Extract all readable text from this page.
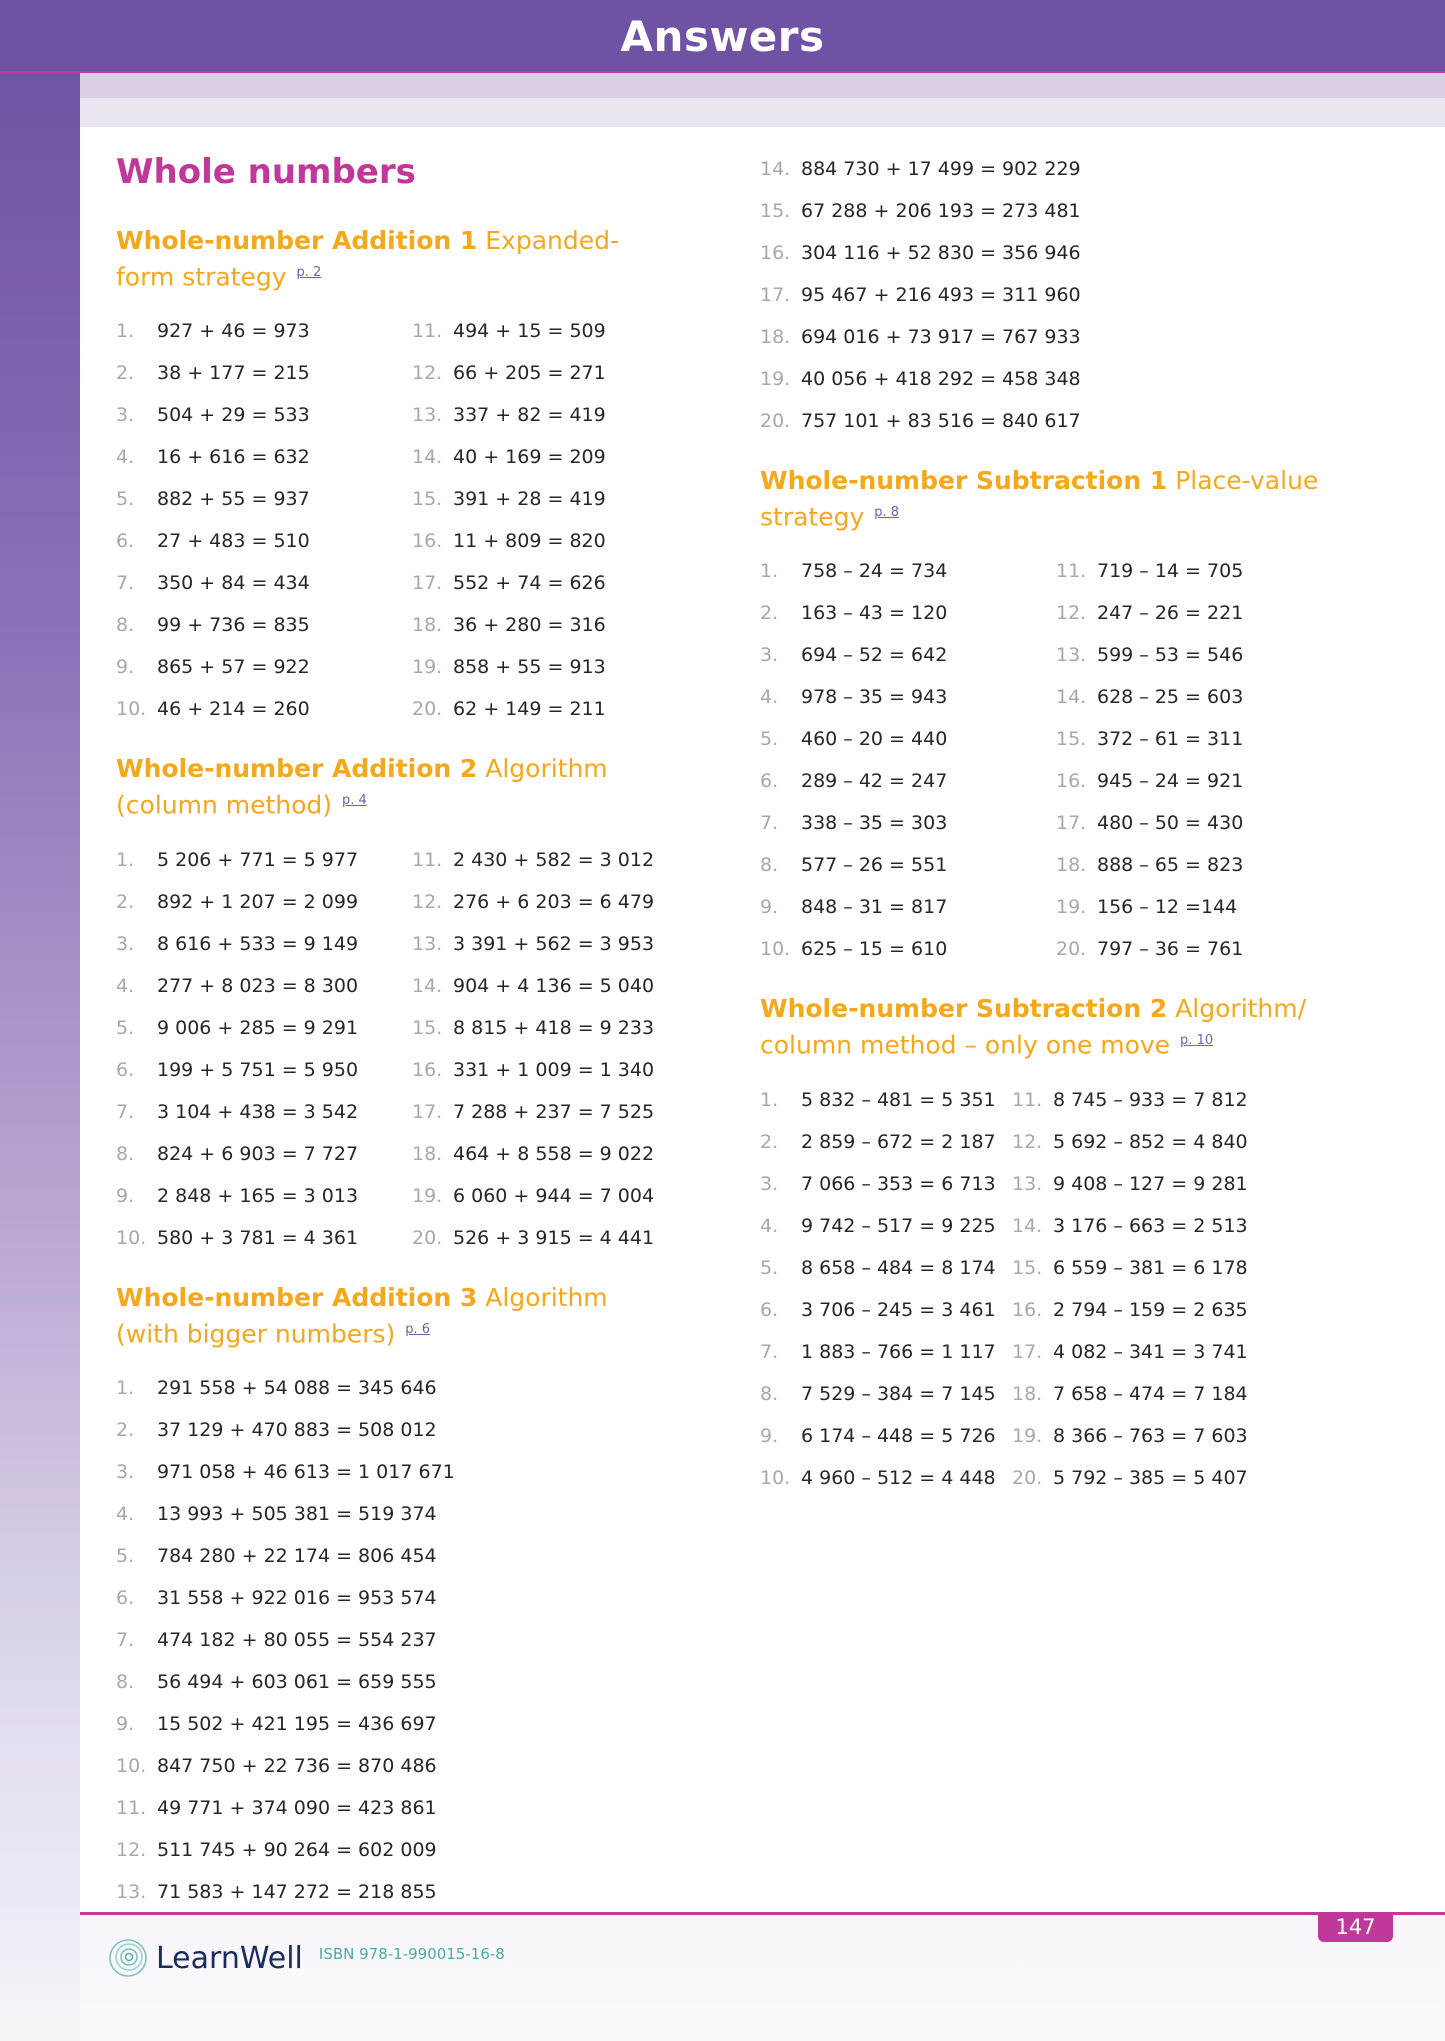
Answers
Whole numbers
Whole-number Addition 1 Expanded-form strategy $^{p. 2}$
1. 927 + 46 = 973
2. 38 + 177 = 215
3. 504 + 29 = 533
4. 16 + 616 = 632
5. 882 + 55 = 937
6. 27 + 483 = 510
7. 350 + 84 = 434
8. 99 + 736 = 835
9. 865 + 57 = 922
10. 46 + 214 = 260
11. 494 + 15 = 509
12. 66 + 205 = 271
13. 337 + 82 = 419
14. 40 + 169 = 209
15. 391 + 28 = 419
16. 11 + 809 = 820
17. 552 + 74 = 626
18. 36 + 280 = 316
19. 858 + 55 = 913
20. 62 + 149 = 211
Whole-number Addition 2 Algorithm (column method) $^{p. 4}$
1. 5 206 + 771 = 5 977
2. 892 + 1 207 = 2 099
3. 8 616 + 533 = 9 149
4. 277 + 8 023 = 8 300
5. 9 006 + 285 = 9 291
6. 199 + 5 751 = 5 950
7. 3 104 + 438 = 3 542
8. 824 + 6 903 = 7 727
9. 2 848 + 165 = 3 013
10. 580 + 3 781 = 4 361
11. 2 430 + 582 = 3 012
12. 276 + 6 203 = 6 479
13. 3 391 + 562 = 3 953
14. 904 + 4 136 = 5 040
15. 8 815 + 418 = 9 233
16. 331 + 1 009 = 1 340
17. 7 288 + 237 = 7 525
18. 464 + 8 558 = 9 022
19. 6 060 + 944 = 7 004
20. 526 + 3 915 = 4 441
Whole-number Addition 3 Algorithm (with bigger numbers) $^{p. 6}$
1. 291 558 + 54 088 = 345 646
2. 37 129 + 470 883 = 508 012
3. 971 058 + 46 613 = 1 017 671
4. 13 993 + 505 381 = 519 374
5. 784 280 + 22 174 = 806 454
6. 31 558 + 922 016 = 953 574
7. 474 182 + 80 055 = 554 237
8. 56 494 + 603 061 = 659 555
9. 15 502 + 421 195 = 436 697
10. 847 750 + 22 736 = 870 486
11. 49 771 + 374 090 = 423 861
12. 511 745 + 90 264 = 602 009
13. 71 583 + 147 272 = 218 855
14. 884 730 + 17 499 = 902 229
15. 67 288 + 206 193 = 273 481
16. 304 116 + 52 830 = 356 946
17. 95 467 + 216 493 = 311 960
18. 694 016 + 73 917 = 767 933
19. 40 056 + 418 292 = 458 348
20. 757 101 + 83 516 = 840 617
Whole-number Subtraction 1 Place-value strategy $^{p. 8}$
1. 758 – 24 = 734
2. 163 – 43 = 120
3. 694 – 52 = 642
4. 978 – 35 = 943
5. 460 – 20 = 440
6. 289 – 42 = 247
7. 338 – 35 = 303
8. 577 – 26 = 551
9. 848 – 31 = 817
10. 625 – 15 = 610
11. 719 – 14 = 705
12. 247 – 26 = 221
13. 599 – 53 = 546
14. 628 – 25 = 603
15. 372 – 61 = 311
16. 945 – 24 = 921
17. 480 – 50 = 430
18. 888 – 65 = 823
19. 156 – 12 =144
20. 797 – 36 = 761
Whole-number Subtraction 2 Algorithm/ column method – only one move $^{p. 10}$
1. 5 832 – 481 = 5 351
2. 2 859 – 672 = 2 187
3. 7 066 – 353 = 6 713
4. 9 742 – 517 = 9 225
5. 8 658 – 484 = 8 174
6. 3 706 – 245 = 3 461
7. 1 883 – 766 = 1 117
8. 7 529 – 384 = 7 145
9. 6 174 – 448 = 5 726
10. 4 960 – 512 = 4 448
11. 8 745 – 933 = 7 812
12. 5 692 – 852 = 4 840
13. 9 408 – 127 = 9 281
14. 3 176 – 663 = 2 513
15. 6 559 – 381 = 6 178
16. 2 794 – 159 = 2 635
17. 4 082 – 341 = 3 741
18. 7 658 – 474 = 7 184
19. 8 366 – 763 = 7 603
20. 5 792 – 385 = 5 407
147
LearnWell ISBN 978-1-990015-16-8
